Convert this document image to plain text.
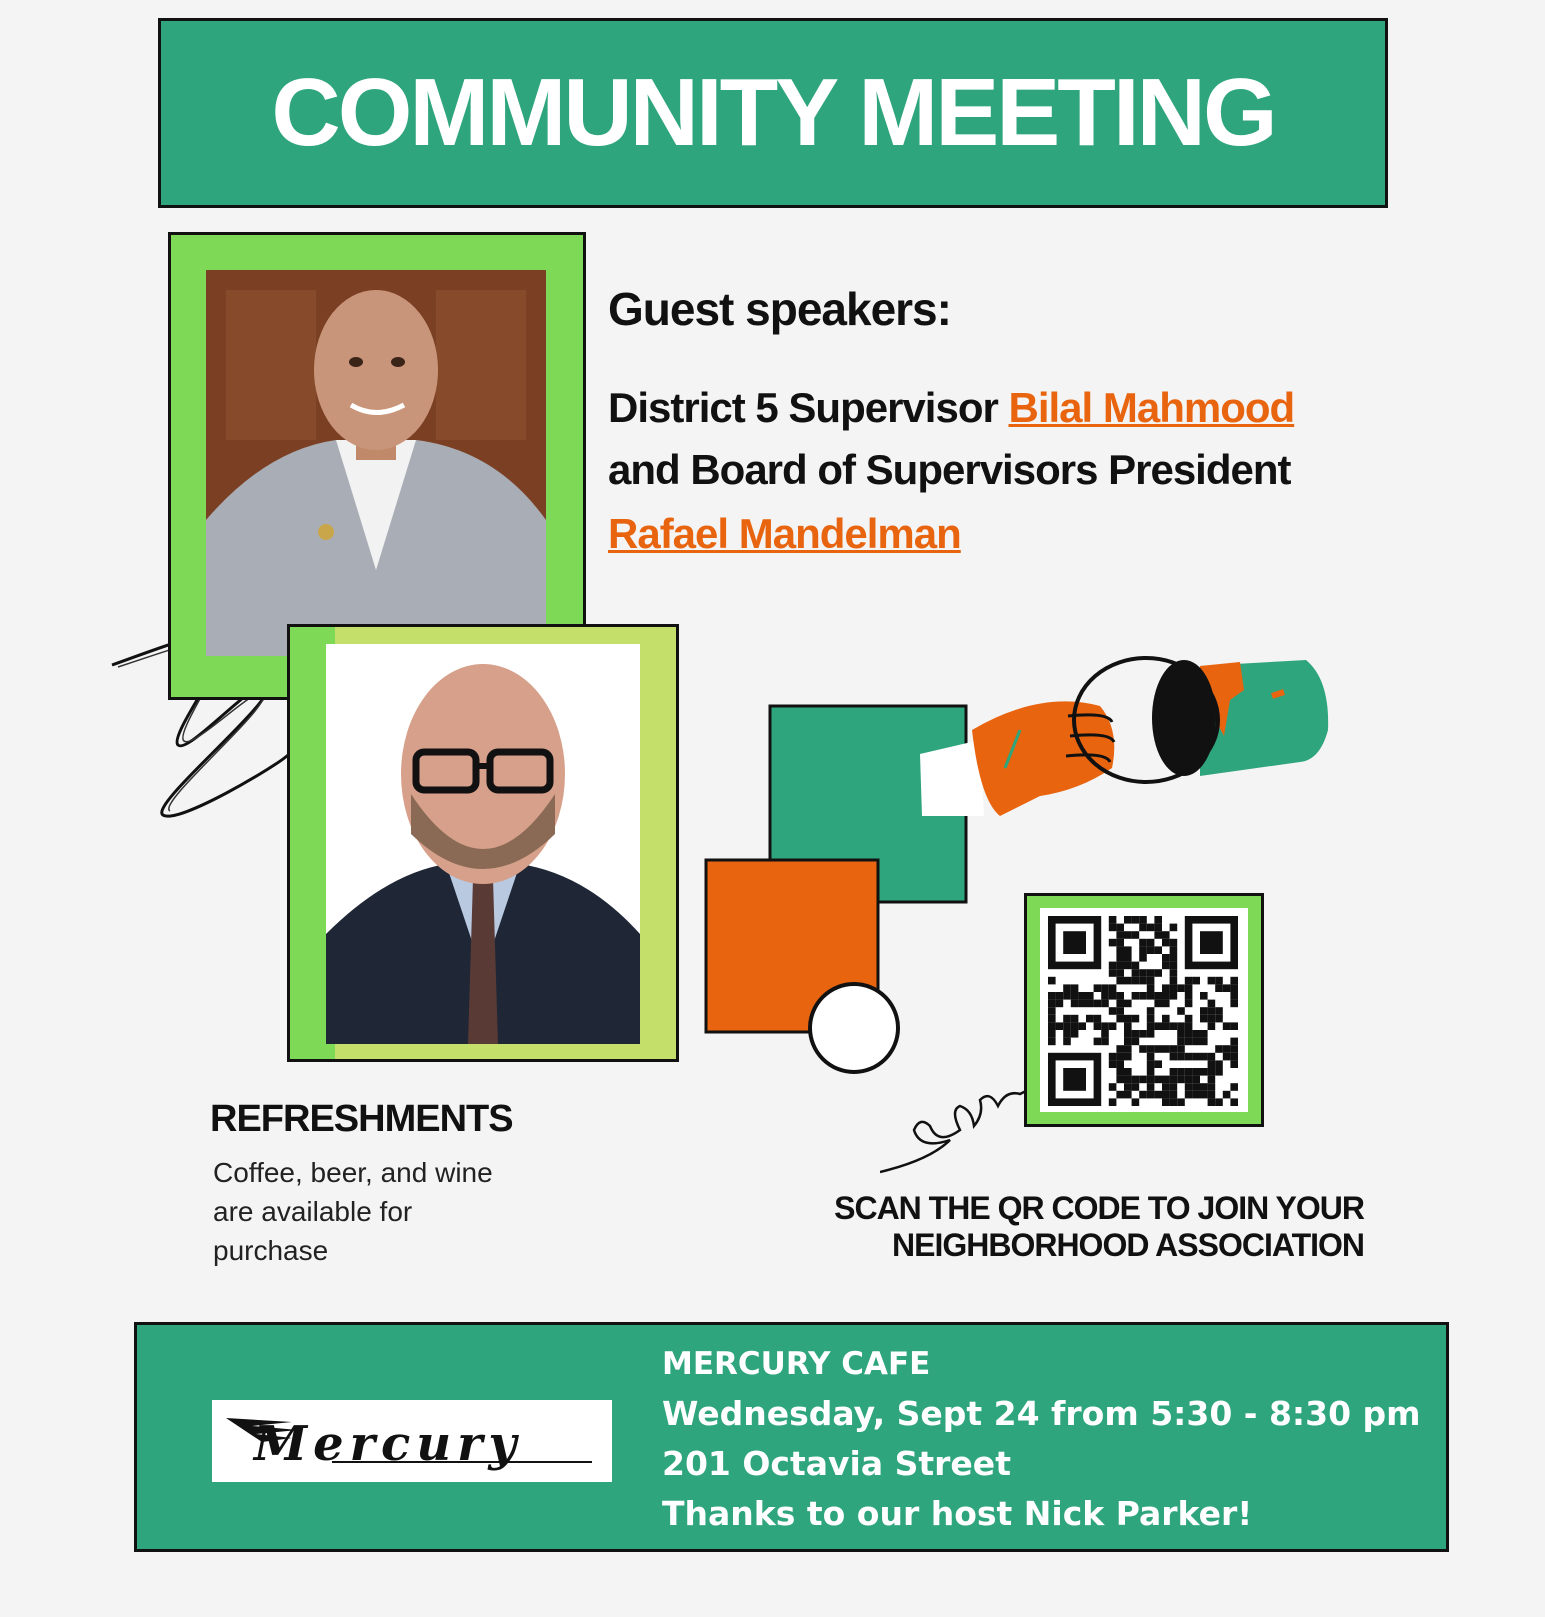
COMMUNITY MEETING
Guest speakers:
District 5 Supervisor Bilal Mahmood
and Board of Supervisors President
Rafael Mandelman
SCAN THE QR CODE TO JOIN YOUR
NEIGHBORHOOD ASSOCIATION
REFRESHMENTS
Coffee, beer, and wine are available for purchase
Mercury
MERCURY CAFE
Wednesday, Sept 24 from 5:30 - 8:30 pm
201 Octavia Street
Thanks to our host Nick Parker!
